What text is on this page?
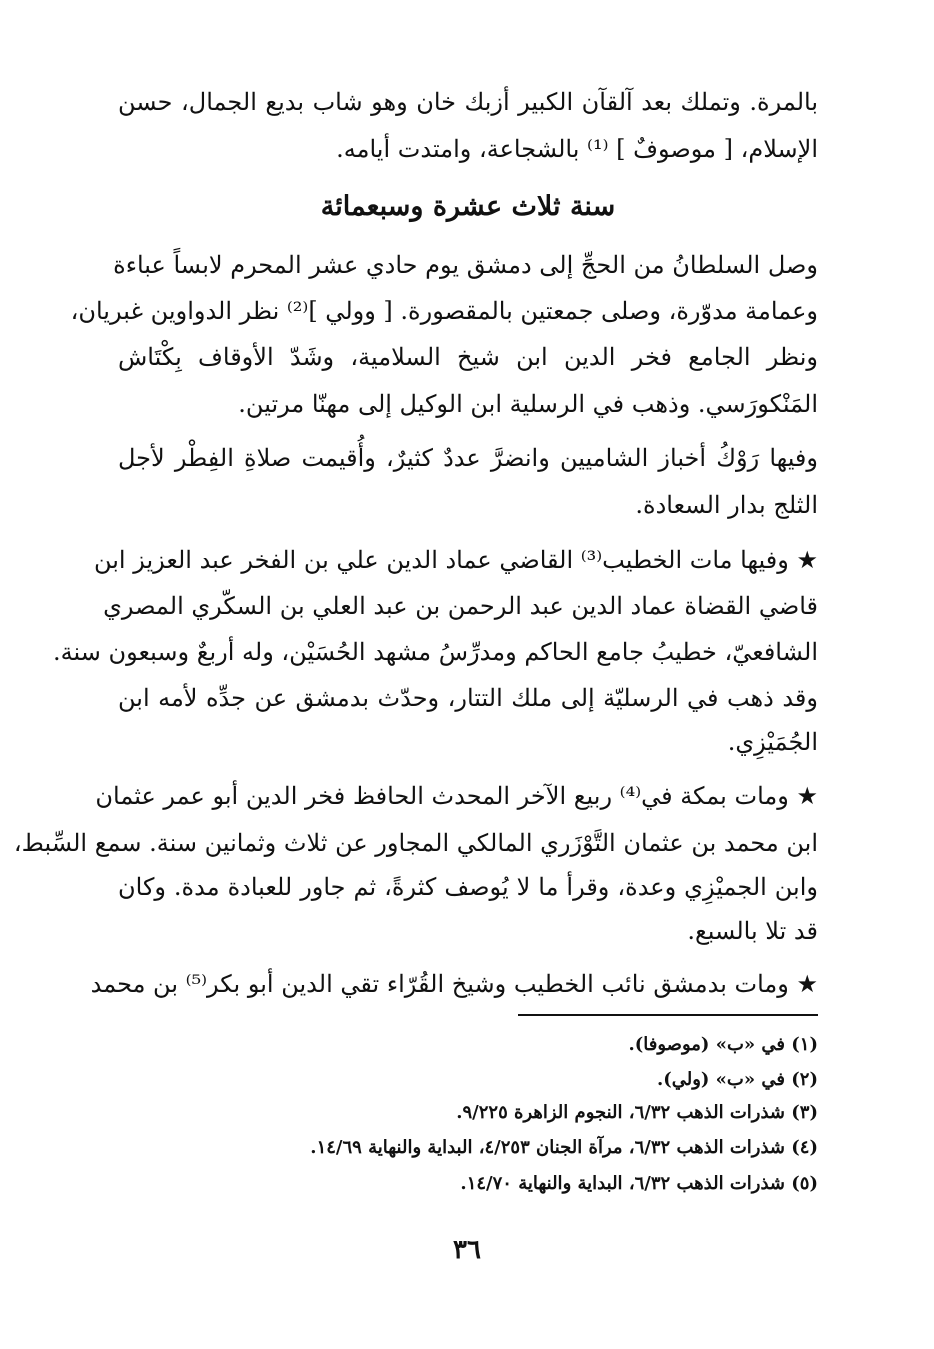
بالمرة. وتملك بعد آلقآن الكبير أزبك خان وهو شاب بديع الجمال، حسن
الإسلام، [ موصوفٌ ] ⁽¹⁾ بالشجاعة، وامتدت أيامه.
سنة ثلاث عشرة وسبعمائة
وصل السلطانُ من الحجِّ إلى دمشق يوم حادي عشر المحرم لابساً عباءة
وعمامة مدوّرة، وصلى جمعتين بالمقصورة. [ وولي ]⁽²⁾ نظر الدواوين غبريان،
ونظر الجامع فخر الدين ابن شيخ السلامية، وشَدّ الأوقاف بِكْتَاش
المَنْكورَسي. وذهب في الرسلية ابن الوكيل إلى مهنّا مرتين.
وفيها رَوْكُ أخباز الشاميين وانضرَّ عددٌ كثيرٌ، وأُقيمت صلاةِ الفِطْر لأجل
الثلج بدار السعادة.
★ وفيها مات الخطيب⁽³⁾ القاضي عماد الدين علي بن الفخر عبد العزيز ابن
قاضي القضاة عماد الدين عبد الرحمن بن عبد العلي بن السكّري المصري
الشافعيّ، خطيبُ جامع الحاكم ومدرِّسُ مشهد الحُسَيْن، وله أربعٌ وسبعون سنة.
وقد ذهب في الرسليّة إلى ملك التتار، وحدّث بدمشق عن جدِّه لأمه ابن
الجُمَيْزِي.
★ ومات بمكة في⁽⁴⁾ ربيع الآخر المحدث الحافظ فخر الدين أبو عمر عثمان
ابن محمد بن عثمان التَّوْزَري المالكي المجاور عن ثلاث وثمانين سنة. سمع السِّبط،
وابن الجميْزِي وعدة، وقرأ ما لا يُوصف كثرةً، ثم جاور للعبادة مدة. وكان
قد تلا بالسبع.
★ ومات بدمشق نائب الخطيب وشيخ القُرّاء تقي الدين أبو بكر⁽⁵⁾ بن محمد
(١) في «ب» (موصوفا).
(٢) في «ب» (ولي).
(٣) شذرات الذهب ٦/٣٢، النجوم الزاهرة ٩/٢٢٥.
(٤) شذرات الذهب ٦/٣٢، مرآة الجنان ٤/٢٥٣، البداية والنهاية ١٤/٦٩.
(٥) شذرات الذهب ٦/٣٢، البداية والنهاية ١٤/٧٠.
٣٦
